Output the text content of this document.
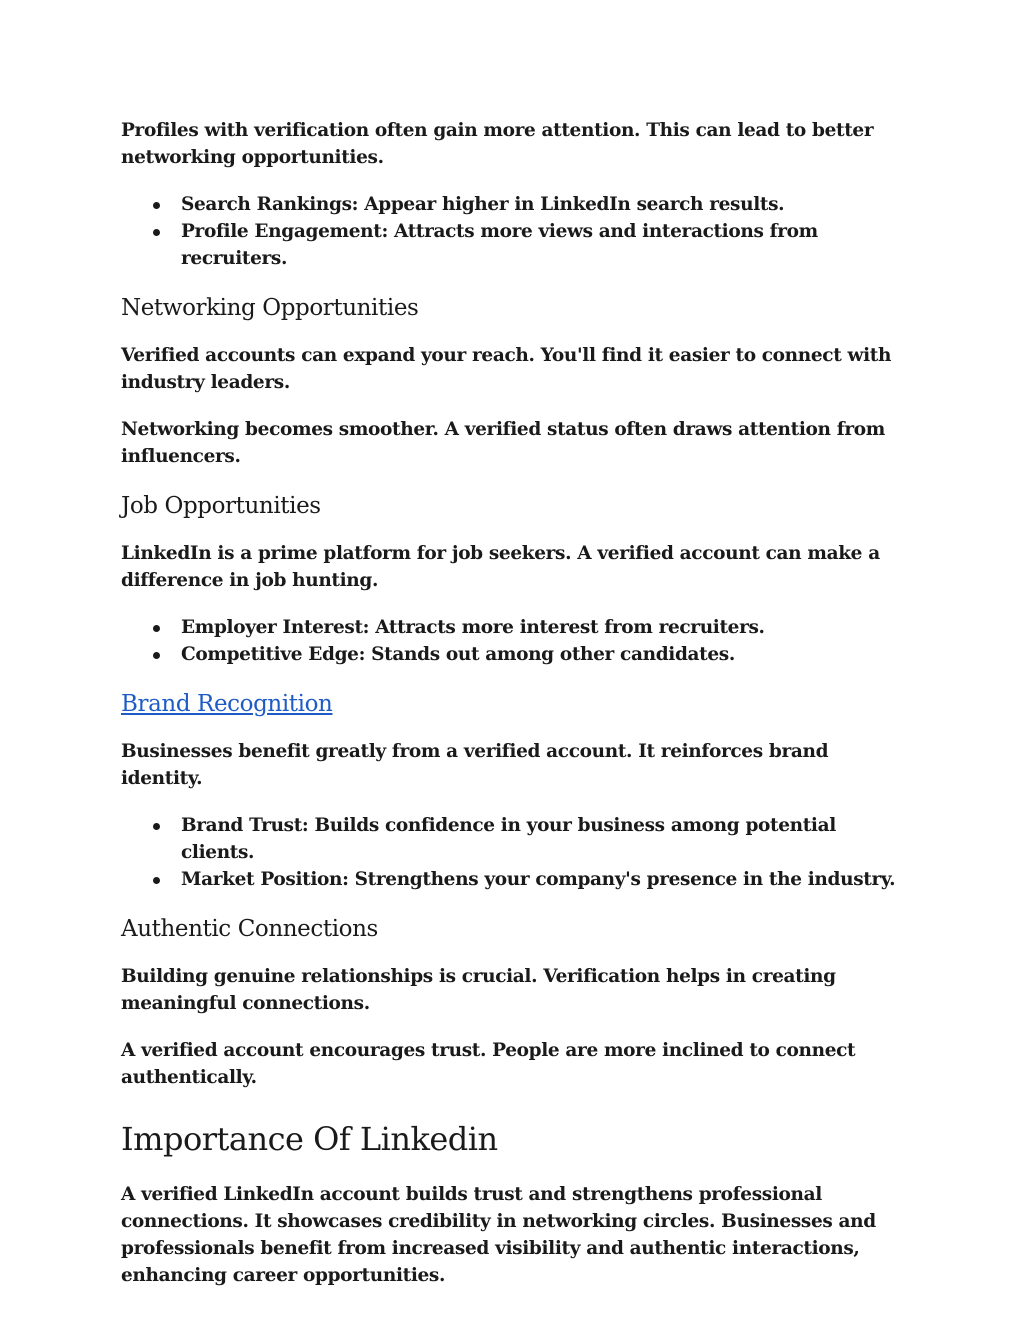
Profiles with verification often gain more attention. This can lead to better networking opportunities.

Search Rankings: Appear higher in LinkedIn search results.
Profile Engagement: Attracts more views and interactions from recruiters.
Networking Opportunities

Verified accounts can expand your reach. You'll find it easier to connect with industry leaders.

Networking becomes smoother. A verified status often draws attention from influencers.

Job Opportunities

LinkedIn is a prime platform for job seekers. A verified account can make a difference in job hunting.

Employer Interest: Attracts more interest from recruiters.
Competitive Edge: Stands out among other candidates.
Brand Recognition

Businesses benefit greatly from a verified account. It reinforces brand identity.

Brand Trust: Builds confidence in your business among potential clients.
Market Position: Strengthens your company's presence in the industry.
Authentic Connections

Building genuine relationships is crucial. Verification helps in creating meaningful connections.

A verified account encourages trust. People are more inclined to connect authentically.

Importance Of Linkedin

A verified LinkedIn account builds trust and strengthens professional connections. It showcases credibility in networking circles. Businesses and professionals benefit from increased visibility and authentic interactions, enhancing career opportunities.
